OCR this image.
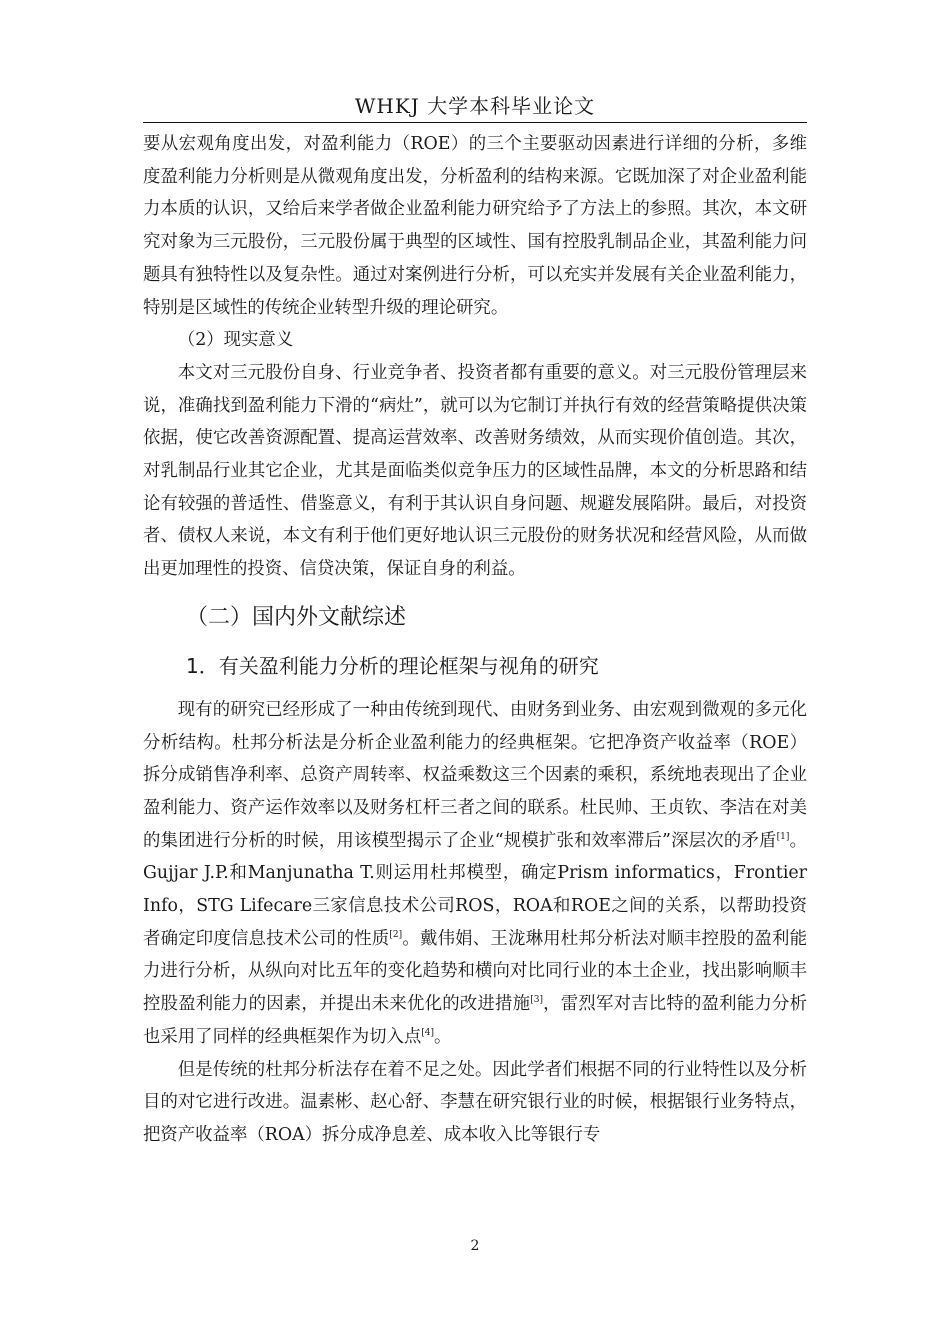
WHKJ 大学本科毕业论文

要从宏观角度出发，对盈利能力（ROE）的三个主要驱动因素进行详细的分析，多维度盈利能力分析则是从微观角度出发，分析盈利的结构来源。它既加深了对企业盈利能力本质的认识，又给后来学者做企业盈利能力研究给予了方法上的参照。其次，本文研究对象为三元股份，三元股份属于典型的区域性、国有控股乳制品企业，其盈利能力问题具有独特性以及复杂性。通过对案例进行分析，可以充实并发展有关企业盈利能力，特别是区域性的传统企业转型升级的理论研究。

（2）现实意义

本文对三元股份自身、行业竞争者、投资者都有重要的意义。对三元股份管理层来说，准确找到盈利能力下滑的“病灶”，就可以为它制订并执行有效的经营策略提供决策依据，使它改善资源配置、提高运营效率、改善财务绩效，从而实现价值创造。其次，对乳制品行业其它企业，尤其是面临类似竞争压力的区域性品牌，本文的分析思路和结论有较强的普适性、借鉴意义，有利于其认识自身问题、规避发展陷阱。最后，对投资者、债权人来说，本文有利于他们更好地认识三元股份的财务状况和经营风险，从而做出更加理性的投资、信贷决策，保证自身的利益。

（二）国内外文献综述
1．有关盈利能力分析的理论框架与视角的研究

现有的研究已经形成了一种由传统到现代、由财务到业务、由宏观到微观的多元化分析结构。杜邦分析法是分析企业盈利能力的经典框架。它把净资产收益率（ROE）拆分成销售净利率、总资产周转率、权益乘数这三个因素的乘积，系统地表现出了企业盈利能力、资产运作效率以及财务杠杆三者之间的联系。杜民帅、王贞钦、李洁在对美的集团进行分析的时候，用该模型揭示了企业“规模扩张和效率滞后”深层次的矛盾[1]。Gujjar J.P.和Manjunatha T.则运用杜邦模型，确定Prism informatics，Frontier Info，STG Lifecare三家信息技术公司ROS，ROA和ROE之间的关系，以帮助投资者确定印度信息技术公司的性质[2]。戴伟娟、王泷琳用杜邦分析法对顺丰控股的盈利能力进行分析，从纵向对比五年的变化趋势和横向对比同行业的本土企业，找出影响顺丰控股盈利能力的因素，并提出未来优化的改进措施[3]，雷烈军对吉比特的盈利能力分析也采用了同样的经典框架作为切入点[4]。

但是传统的杜邦分析法存在着不足之处。因此学者们根据不同的行业特性以及分析目的对它进行改进。温素彬、赵心舒、李慧在研究银行业的时候，根据银行业务特点，把资产收益率（ROA）拆分成净息差、成本收入比等银行专

2
